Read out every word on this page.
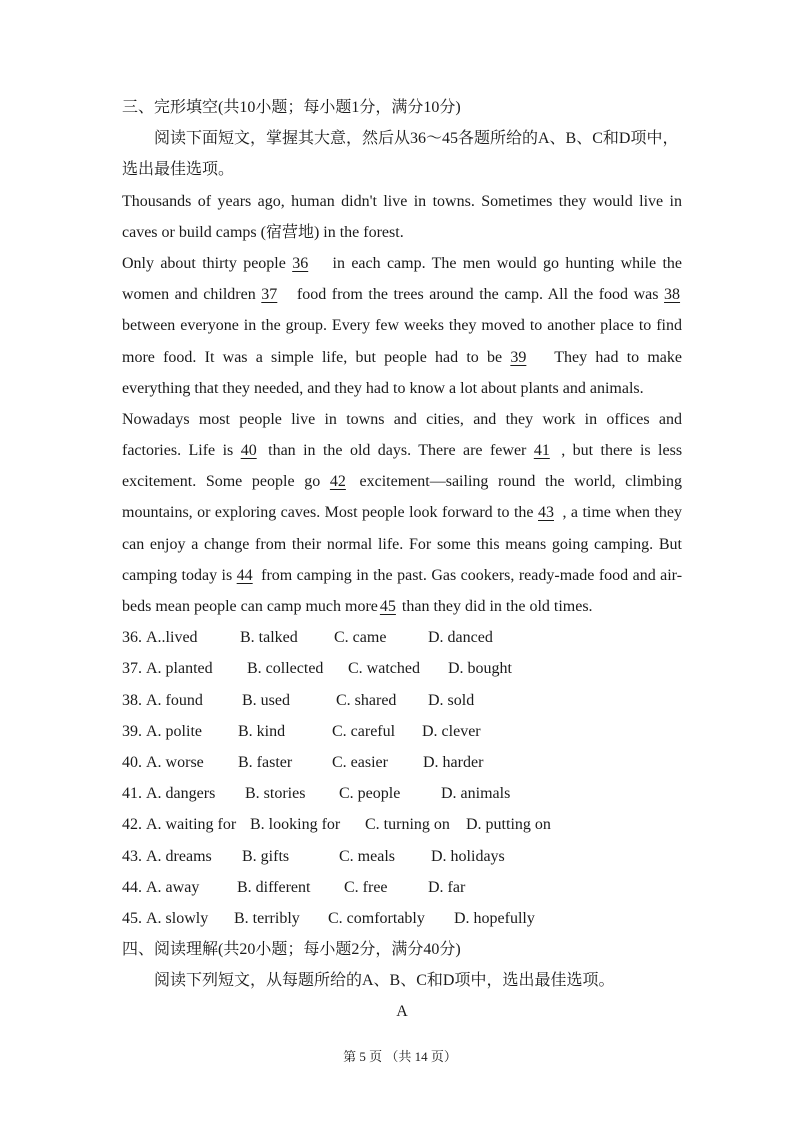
三、完形填空(共10小题；每小题1分，满分10分)
阅读下面短文，掌握其大意，然后从36～45各题所给的A、B、C和D项中，
选出最佳选项。
Thousands of years ago, human didn't live in towns. Sometimes they would live in
caves or build camps (宿营地) in the forest.
Only about thirty people 36 in each camp. The men would go hunting while the
women and children 37 food from the trees around the camp. All the food was 38
between everyone in the group. Every few weeks they moved to another place to find
more food. It was a simple life, but people had to be 39 They had to make
everything that they needed, and they had to know a lot about plants and animals.
Nowadays most people live in towns and cities, and they work in offices and
factories. Life is 40 than in the old days. There are fewer 41 , but there is less
excitement. Some people go 42 excitement—sailing round the world, climbing
mountains, or exploring caves. Most people look forward to the 43 , a time when they
can enjoy a change from their normal life. For some this means going camping. But
camping today is 44 from camping in the past. Gas cookers, ready-made food and air-
beds mean people can camp much more 45 than they did in the old times.
36. A..lived	B. talked C. came	D. danced
37. A. planted B. collected C. watched D. bought
38. A. found B. used	C. shared D. sold
39. A. polite B. kind	C. careful D. clever
40. A. worse B. faster C. easier D. harder
41. A. dangers B. stories C. people	D. animals
42. A. waiting for B. looking for C. turning on D. putting on
43. A. dreams B. gifts	C. meals D. holidays
44. A. away B. different C. free	D. far
45. A. slowly B. terribly C. comfortably D. hopefully
四、阅读理解(共20小题；每小题2分，满分40分)
阅读下列短文，从每题所给的A、B、C和D项中，选出最佳选项。
A
第 5 页 （共 14 页）
